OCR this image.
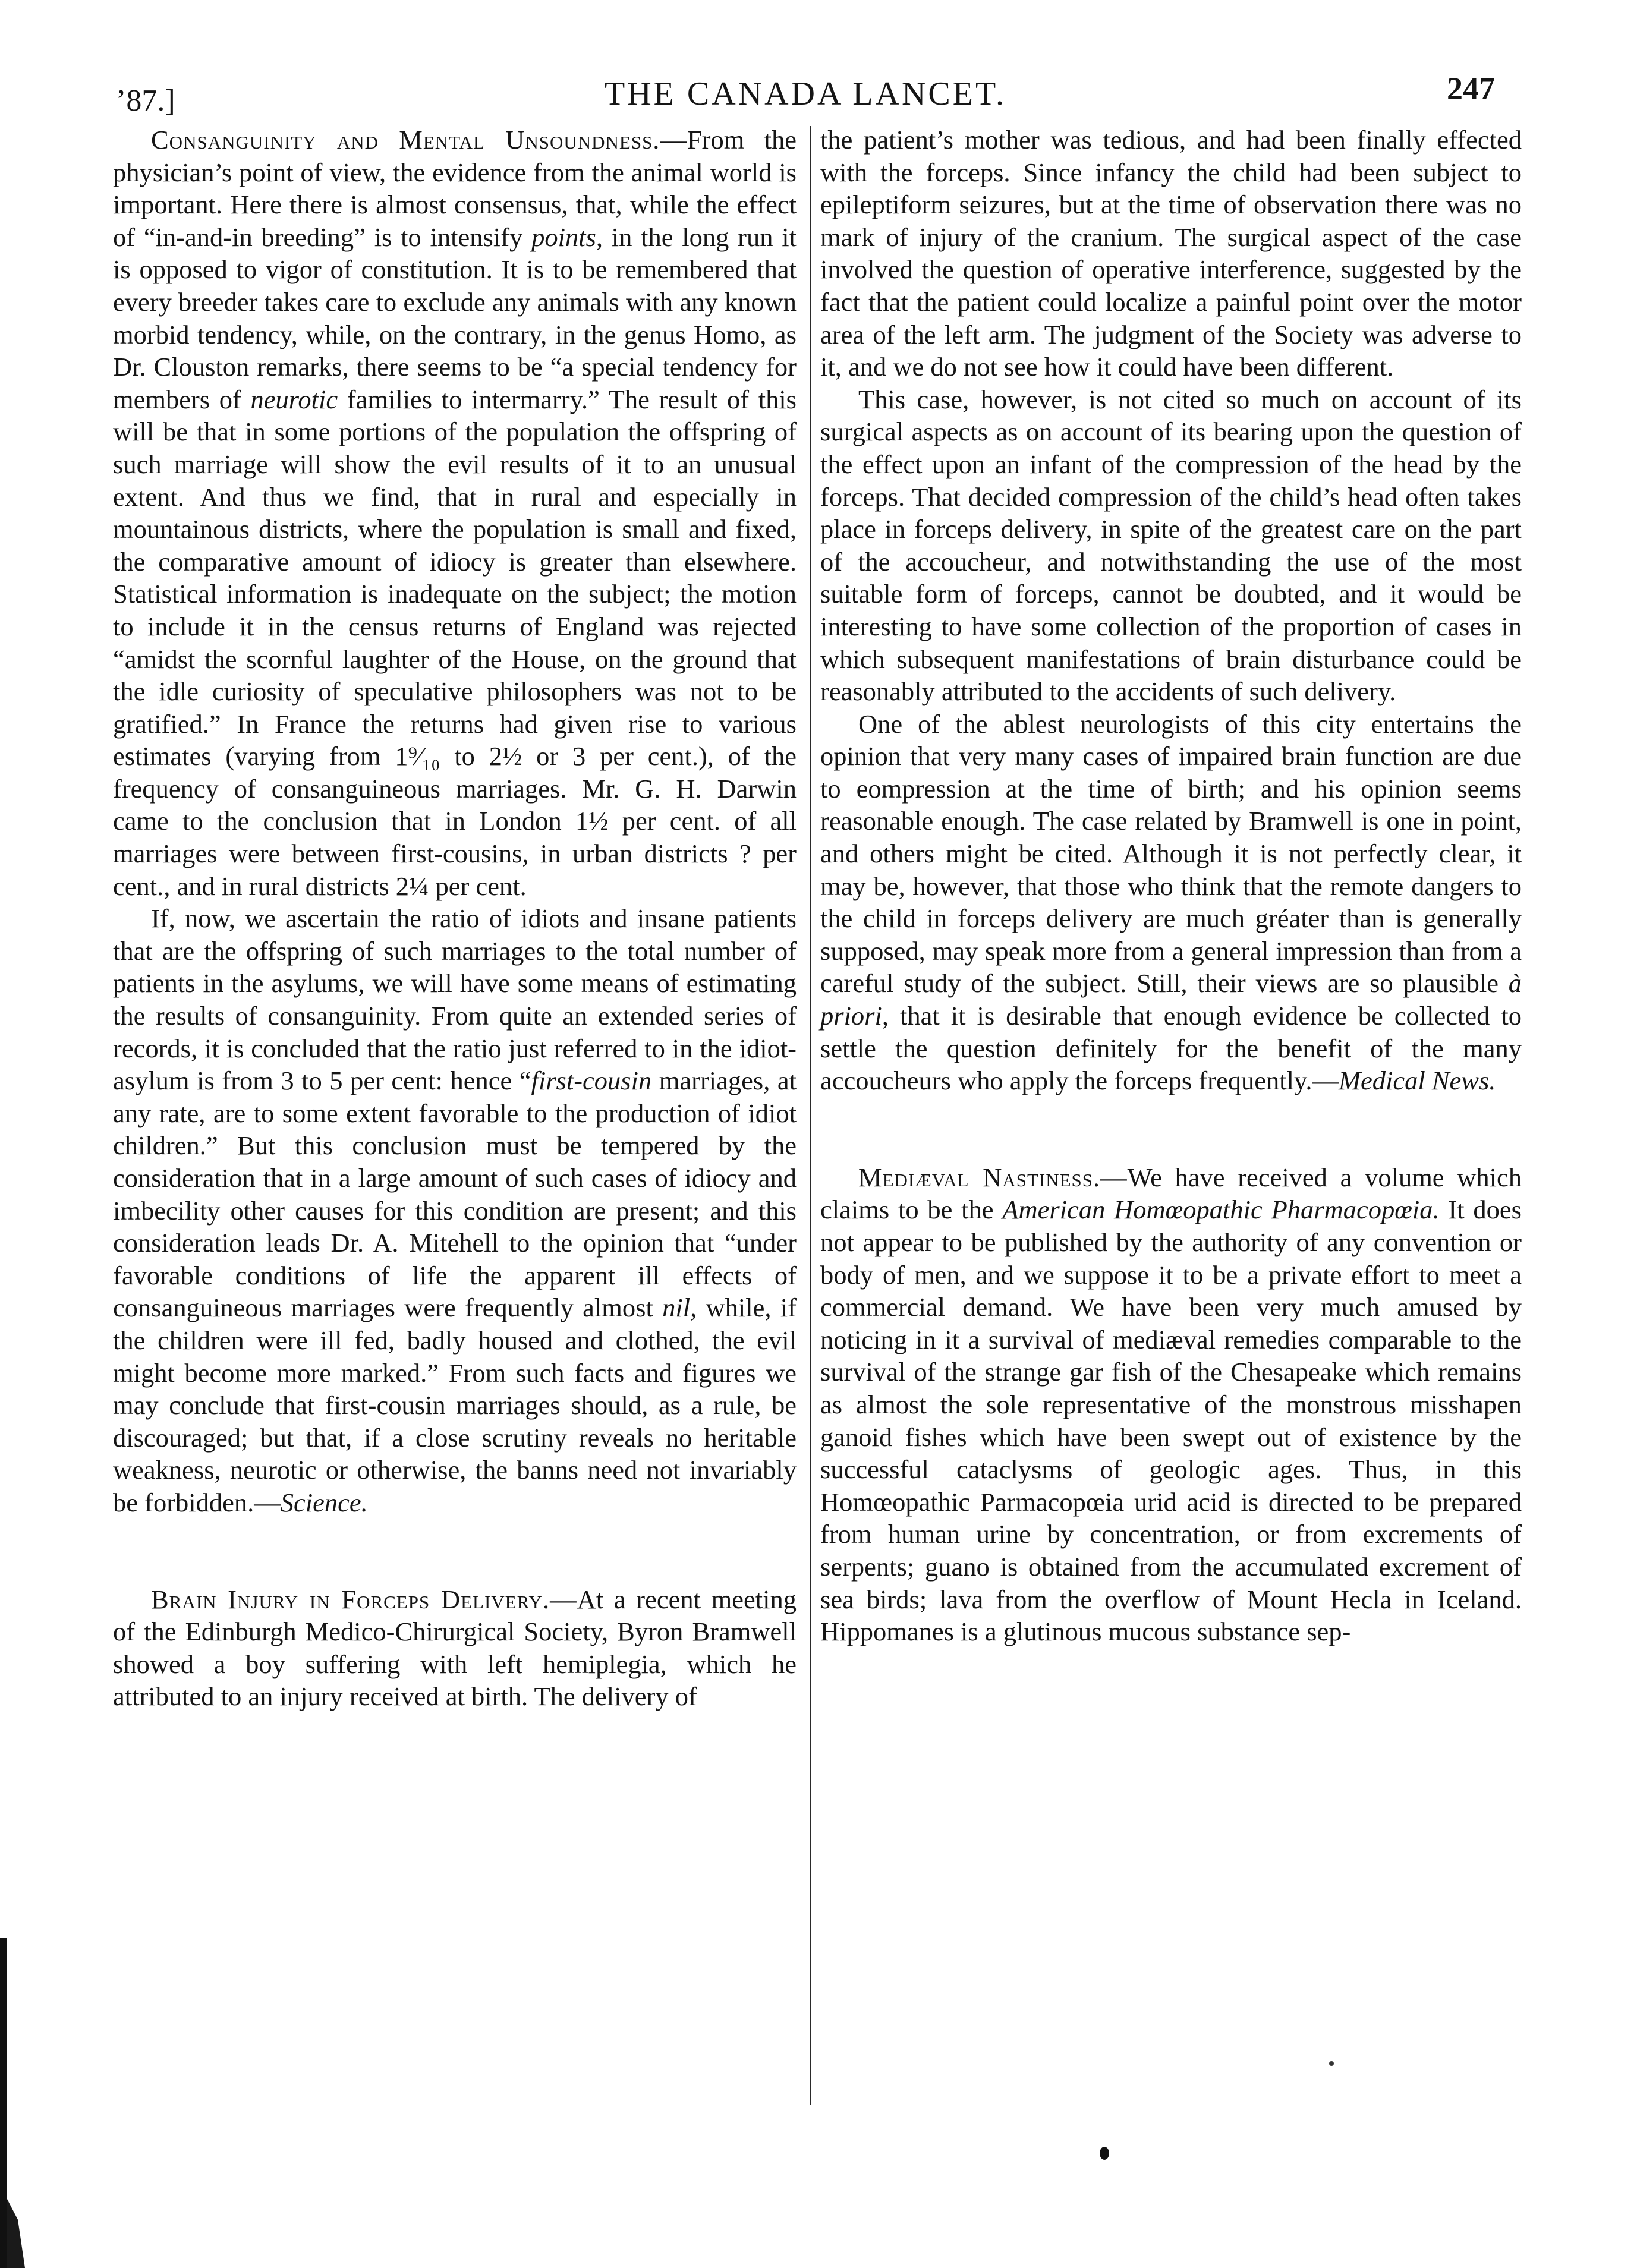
’87.]	THE CANADA LANCET.	247

Consanguinity and Mental Unsoundness.—From the physician’s point of view, the evidence from the animal world is important. Here there is almost consensus, that, while the effect of “in-and-in breeding” is to intensify points, in the long run it is opposed to vigor of constitution. It is to be remembered that every breeder takes care to exclude any animals with any known morbid tendency, while, on the contrary, in the genus Homo, as Dr. Clouston remarks, there seems to be “a special tendency for members of neurotic families to intermarry.” The result of this will be that in some portions of the population the offspring of such marriage will show the evil results of it to an unusual extent. And thus we find, that in rural and especially in mountainous districts, where the population is small and fixed, the comparative amount of idiocy is greater than elsewhere. Statistical information is inadequate on the subject; the motion to include it in the census returns of England was rejected “amidst the scornful laughter of the House, on the ground that the idle curiosity of speculative philosophers was not to be gratified.” In France the returns had given rise to various estimates (varying from 1⁹⁄₁₀ to 2½ or 3 per cent.), of the frequency of consanguineous marriages. Mr. G. H. Darwin came to the conclusion that in London 1½ per cent. of all marriages were between first-cousins, in urban districts ? per cent., and in rural districts 2¼ per cent.

If, now, we ascertain the ratio of idiots and insane patients that are the offspring of such marriages to the total number of patients in the asylums, we will have some means of estimating the results of consanguinity. From quite an extended series of records, it is concluded that the ratio just referred to in the idiot-asylum is from 3 to 5 per cent: hence “first-cousin marriages, at any rate, are to some extent favorable to the production of idiot children.” But this conclusion must be tempered by the consideration that in a large amount of such cases of idiocy and imbecility other causes for this condition are present; and this consideration leads Dr. A. Mitehell to the opinion that “under favorable conditions of life the apparent ill effects of consanguineous marriages were frequently almost nil, while, if the children were ill fed, badly housed and clothed, the evil might become more marked.” From such facts and figures we may conclude that first-cousin marriages should, as a rule, be discouraged; but that, if a close scrutiny reveals no heritable weakness, neurotic or otherwise, the banns need not invariably be forbidden.—Science.

Brain Injury in Forceps Delivery.—At a recent meeting of the Edinburgh Medico-Chirurgical Society, Byron Bramwell showed a boy suffering with left hemiplegia, which he attributed to an injury received at birth. The delivery of

the patient’s mother was tedious, and had been finally effected with the forceps. Since infancy the child had been subject to epileptiform seizures, but at the time of observation there was no mark of injury of the cranium. The surgical aspect of the case involved the question of operative interference, suggested by the fact that the patient could localize a painful point over the motor area of the left arm. The judgment of the Society was adverse to it, and we do not see how it could have been different.

This case, however, is not cited so much on account of its surgical aspects as on account of its bearing upon the question of the effect upon an infant of the compression of the head by the forceps. That decided compression of the child’s head often takes place in forceps delivery, in spite of the greatest care on the part of the accoucheur, and notwithstanding the use of the most suitable form of forceps, cannot be doubted, and it would be interesting to have some collection of the proportion of cases in which subsequent manifestations of brain disturbance could be reasonably attributed to the accidents of such delivery.

One of the ablest neurologists of this city entertains the opinion that very many cases of impaired brain function are due to eompression at the time of birth; and his opinion seems reasonable enough. The case related by Bramwell is one in point, and others might be cited. Although it is not perfectly clear, it may be, however, that those who think that the remote dangers to the child in forceps delivery are much gréater than is generally supposed, may speak more from a general impression than from a careful study of the subject. Still, their views are so plausible à priori, that it is desirable that enough evidence be collected to settle the question definitely for the benefit of the many accoucheurs who apply the forceps frequently.—Medical News.

Mediæval Nastiness.—We have received a volume which claims to be the American Homœopathic Pharmacopœia. It does not appear to be published by the authority of any convention or body of men, and we suppose it to be a private effort to meet a commercial demand. We have been very much amused by noticing in it a survival of mediæval remedies comparable to the survival of the strange gar fish of the Chesapeake which remains as almost the sole representative of the monstrous misshapen ganoid fishes which have been swept out of existence by the successful cataclysms of geologic ages. Thus, in this Homœopathic Parmacopœia urid acid is directed to be prepared from human urine by concentration, or from excrements of serpents; guano is obtained from the accumulated excrement of sea birds; lava from the overflow of Mount Hecla in Iceland. Hippomanes is a glutinous mucous substance sep-
